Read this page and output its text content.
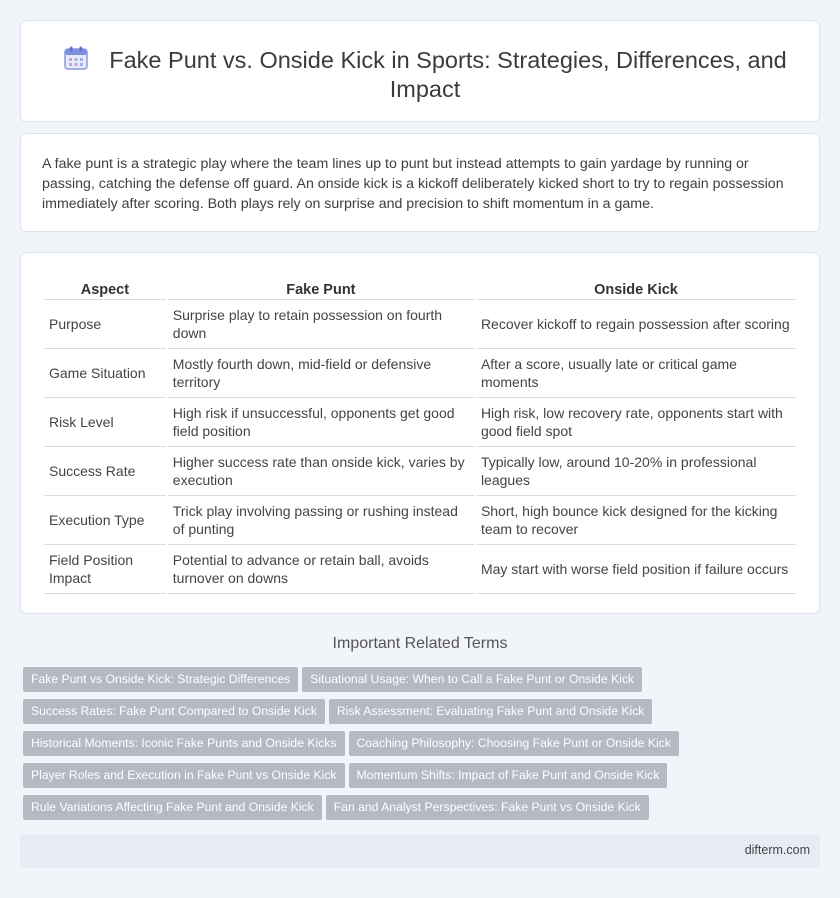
Fake Punt vs. Onside Kick in Sports: Strategies, Differences, and Impact

A fake punt is a strategic play where the team lines up to punt but instead attempts to gain yardage by running or passing, catching the defense off guard. An onside kick is a kickoff deliberately kicked short to try to regain possession immediately after scoring. Both plays rely on surprise and precision to shift momentum in a game.

Aspect	Fake Punt	Onside Kick
Purpose	Surprise play to retain possession on fourth down	Recover kickoff to regain possession after scoring
Game Situation	Mostly fourth down, mid-field or defensive territory	After a score, usually late or critical game moments
Risk Level	High risk if unsuccessful, opponents get good field position	High risk, low recovery rate, opponents start with good field spot
Success Rate	Higher success rate than onside kick, varies by execution	Typically low, around 10-20% in professional leagues
Execution Type	Trick play involving passing or rushing instead of punting	Short, high bounce kick designed for the kicking team to recover
Field Position Impact	Potential to advance or retain ball, avoids turnover on downs	May start with worse field position if failure occurs
Important Related Terms
Fake Punt vs Onside Kick: Strategic Differences Situational Usage: When to Call a Fake Punt or Onside Kick
Success Rates: Fake Punt Compared to Onside Kick Risk Assessment: Evaluating Fake Punt and Onside Kick
Historical Moments: Iconic Fake Punts and Onside Kicks Coaching Philosophy: Choosing Fake Punt or Onside Kick
Player Roles and Execution in Fake Punt vs Onside Kick Momentum Shifts: Impact of Fake Punt and Onside Kick
Rule Variations Affecting Fake Punt and Onside Kick Fan and Analyst Perspectives: Fake Punt vs Onside Kick
difterm.com
